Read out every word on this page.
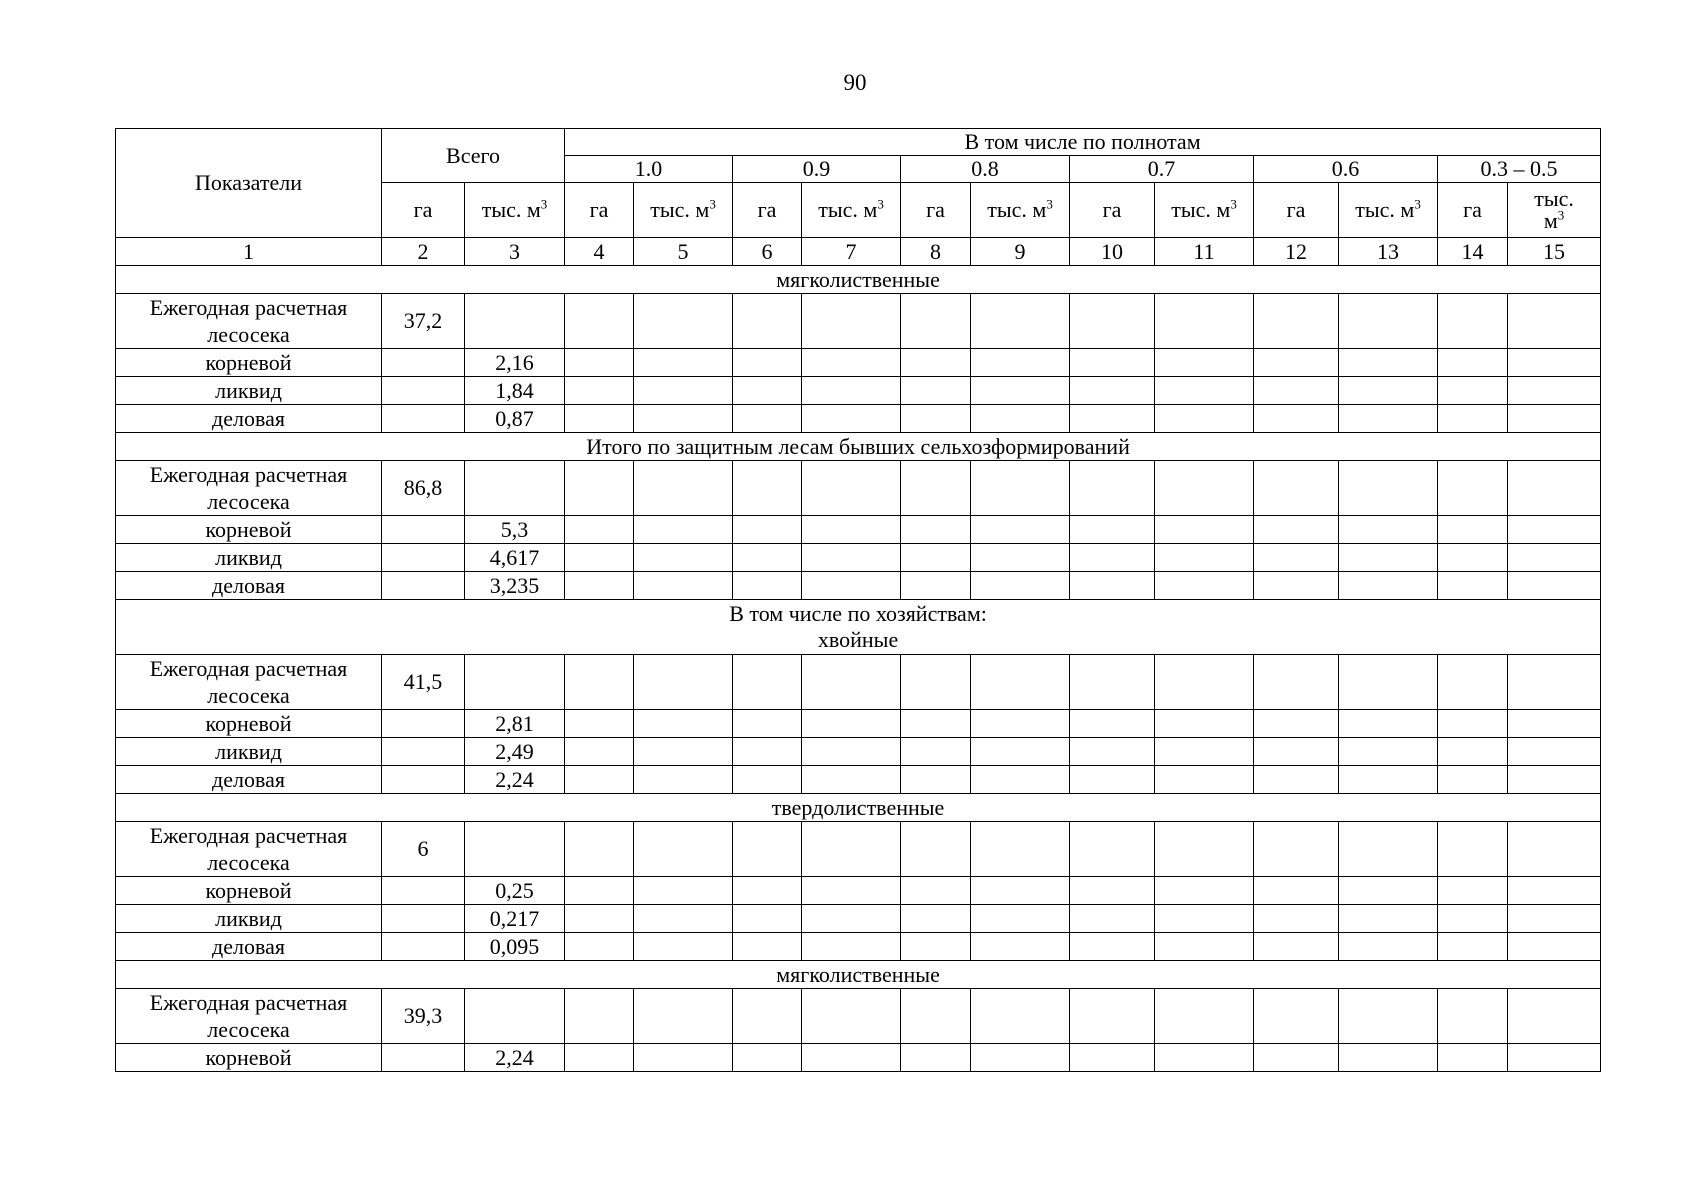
90
Показатели	Всего		В том числе по полнотам											
			1.0		0.9		0.8		0.7		0.6		0.3 – 0.5	
	га	тыс. $м^3$	га	тыс. $м^3$	га	тыс. $м^3$	га	тыс. $м^3$	га	тыс. $м^3$	га	тыс. $м^3$	га	тыс.
$м^3$
1	2	3	4	5	6	7	8	9	10	11	12	13	14	15
мягколиственные														
Ежегодная расчетная
лесосека	37,2													
корневой		2,16												
ликвид		1,84												
деловая		0,87												
Итого по защитным лесам бывших сельхозформирований														
Ежегодная расчетная
лесосека	86,8													
корневой		5,3												
ликвид		4,617												
деловая		3,235												
В том числе по хозяйствам:
хвойные														
Ежегодная расчетная
лесосека	41,5													
корневой		2,81												
ликвид		2,49												
деловая		2,24												
твердолиственные														
Ежегодная расчетная
лесосека	6													
корневой		0,25												
ликвид		0,217												
деловая		0,095												
мягколиственные														
Ежегодная расчетная
лесосека	39,3													
корневой		2,24												
